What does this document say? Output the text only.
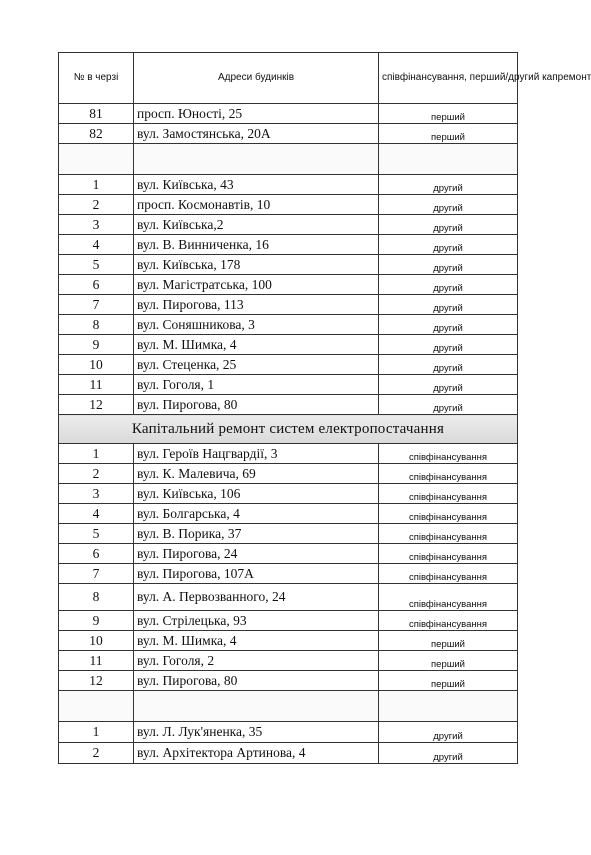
№ в черзі	Адреси будинків	співфінансування, перший/другий капремонт
81	просп. Юності, 25	перший
82	вул. Замостянська, 20А	перший

1	вул. Київська, 43	другий
2	просп. Космонавтів, 10	другий
3	вул. Київська,2	другий
4	вул. В. Винниченка, 16	другий
5	вул. Київська, 178	другий
6	вул. Магістратська, 100	другий
7	вул. Пирогова, 113	другий
8	вул. Соняшникова, 3	другий
9	вул. М. Шимка, 4	другий
10	вул. Стеценка, 25	другий
11	вул. Гоголя, 1	другий
12	вул. Пирогова, 80	другий
Капітальний ремонт систем електропостачання		
1	вул. Героїв Нацгвардії, 3	співфінансування
2	вул. К. Малевича, 69	співфінансування
3	вул. Київська, 106	співфінансування
4	вул. Болгарська, 4	співфінансування
5	вул. В. Порика, 37	співфінансування
6	вул. Пирогова, 24	співфінансування
7	вул. Пирогова, 107А	співфінансування
8	вул. А. Первозванного, 24	співфінансування
9	вул. Стрілецька, 93	співфінансування
10	вул. М. Шимка, 4	перший
11	вул. Гоголя, 2	перший
12	вул. Пирогова, 80	перший

1	вул. Л. Лук'яненка, 35	другий
2	вул. Архітектора Артинова, 4	другий
